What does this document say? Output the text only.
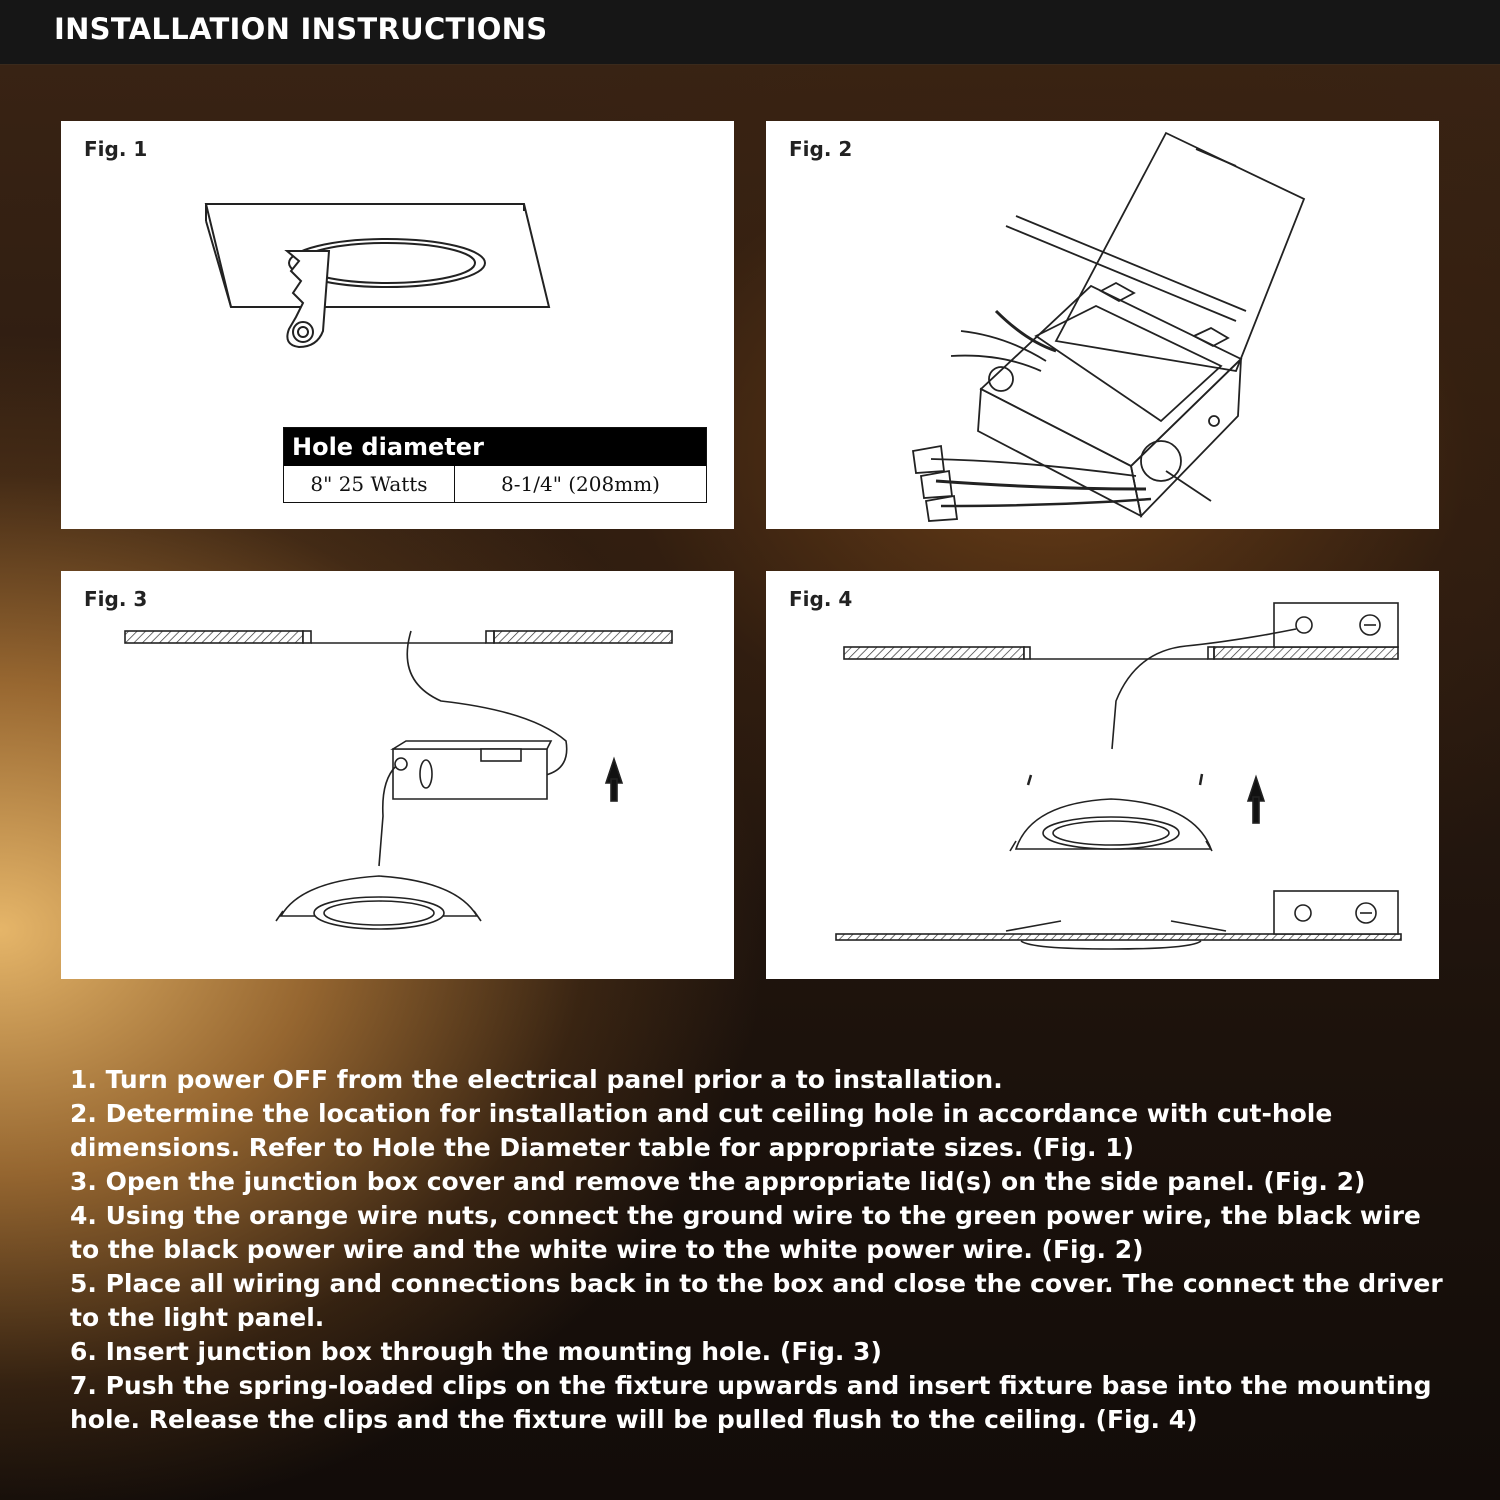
INSTALLATION INSTRUCTIONS
Fig. 1
Hole diameter
8" 25 Watts	8-1/4" (208mm)
Fig. 2
Fig. 3	Fig. 4

1. Turn power OFF from the electrical panel prior a to installation.

2. Determine the location for installation and cut ceiling hole in accordance with cut-hole dimensions. Refer to Hole the Diameter table for appropriate sizes. (Fig. 1)

3. Open the junction box cover and remove the appropriate lid(s) on the side panel. (Fig. 2)

4. Using the orange wire nuts, connect the ground wire to the green power wire, the black wire to the black power wire and the white wire to the white power wire. (Fig. 2)

5. Place all wiring and connections back in to the box and close the cover. The connect the driver to the light panel.

6. Insert junction box through the mounting hole. (Fig. 3)

7. Push the spring-loaded clips on the fixture upwards and insert fixture base into the mounting hole. Release the clips and the fixture will be pulled flush to the ceiling. (Fig. 4)
